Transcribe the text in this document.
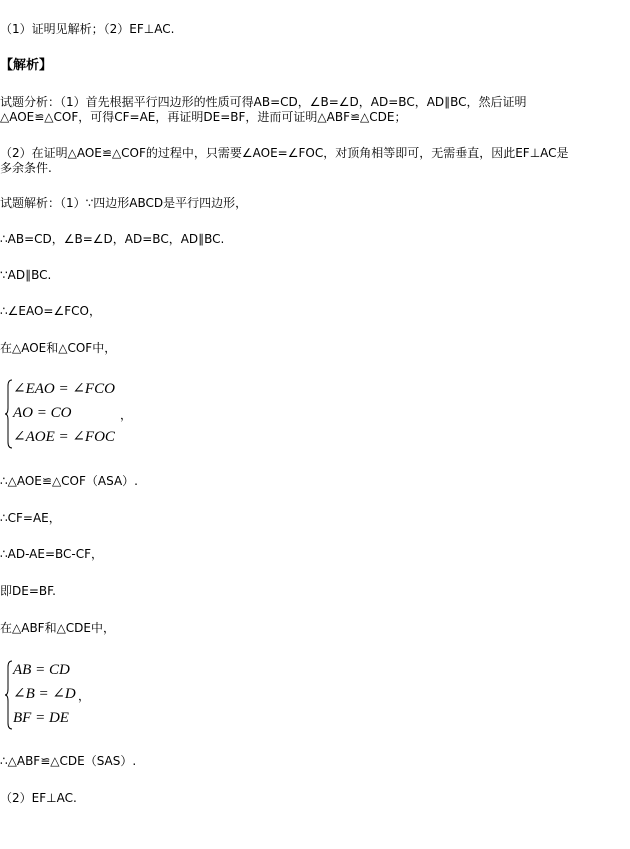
（1）证明见解析；（2）EF⊥AC.
【解析】
试题分析：（1）首先根据平行四边形的性质可得AB=CD，∠B=∠D，AD=BC，AD∥BC，然后证明
△AOE≌△COF，可得CF=AE，再证明DE=BF，进而可证明△ABF≌△CDE；
（2）在证明△AOE≌△COF的过程中，只需要∠AOE=∠FOC，对顶角相等即可，无需垂直，因此EF⊥AC是
多余条件.
试题解析：（1）∵四边形ABCD是平行四边形，
∴AB=CD，∠B=∠D，AD=BC，AD∥BC.
∵AD∥BC.
∴∠EAO=∠FCO，
在△AOE和△COF中，
∠EAO = ∠FCO
AO = CO
∠AOE = ∠FOC
，
∴△AOE≌△COF（ASA）.
∴CF=AE，
∴AD-AE=BC-CF，
即DE=BF.
在△ABF和△CDE中，
AB = CD
∠B = ∠D
BF = DE
，
∴△ABF≌△CDE（SAS）.
（2）EF⊥AC.
